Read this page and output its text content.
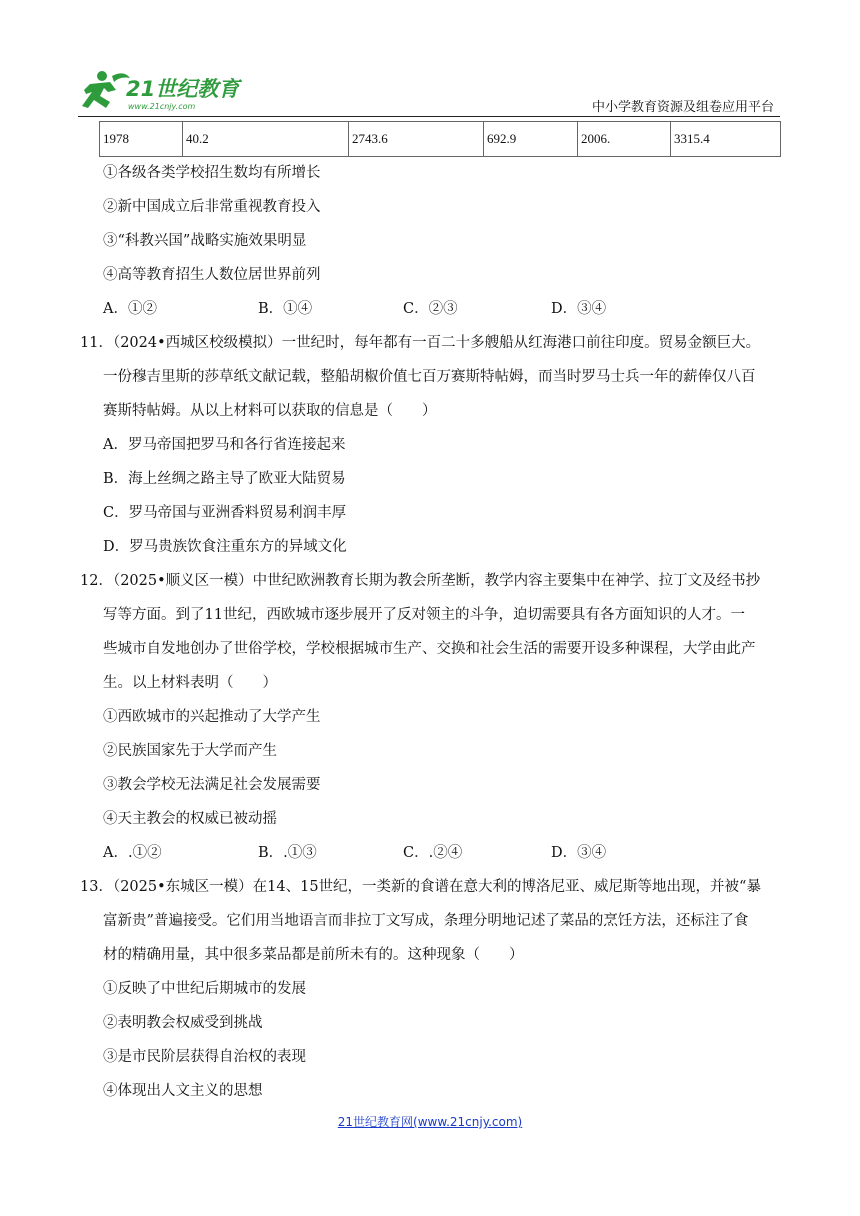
21世纪教育
www.21cnjy.com	中小学教育资源及组卷应用平台
1978	40.2	2743.6	692.9	2006.	3315.4
①各级各类学校招生数均有所增长
②新中国成立后非常重视教育投入
③“科教兴国”战略实施效果明显
④高等教育招生人数位居世界前列
A．①②	B．①④	C．②③	D．③④
11．（2024•西城区校级模拟）一世纪时，每年都有一百二十多艘船从红海港口前往印度。贸易金额巨大。
一份穆吉里斯的莎草纸文献记载，整船胡椒价值七百万赛斯特帖姆，而当时罗马士兵一年的薪俸仅八百
赛斯特帖姆。从以上材料可以获取的信息是（　　）
A．罗马帝国把罗马和各行省连接起来
B．海上丝绸之路主导了欧亚大陆贸易
C．罗马帝国与亚洲香料贸易利润丰厚
D．罗马贵族饮食注重东方的异域文化
12．（2025•顺义区一模）中世纪欧洲教育长期为教会所垄断，教学内容主要集中在神学、拉丁文及经书抄
写等方面。到了11世纪，西欧城市逐步展开了反对领主的斗争，迫切需要具有各方面知识的人才。一
些城市自发地创办了世俗学校，学校根据城市生产、交换和社会生活的需要开设多种课程，大学由此产
生。以上材料表明（　　）
①西欧城市的兴起推动了大学产生
②民族国家先于大学而产生
③教会学校无法满足社会发展需要
④天主教会的权威已被动摇
A．.①②	B．.①③	C．.②④	D．③④
13．（2025•东城区一模）在14、15世纪，一类新的食谱在意大利的博洛尼亚、威尼斯等地出现，并被“暴
富新贵”普遍接受。它们用当地语言而非拉丁文写成，条理分明地记述了菜品的烹饪方法，还标注了食
材的精确用量，其中很多菜品都是前所未有的。这种现象（　　）
①反映了中世纪后期城市的发展
②表明教会权威受到挑战
③是市民阶层获得自治权的表现
④体现出人文主义的思想
21世纪教育网(www.21cnjy.com)
